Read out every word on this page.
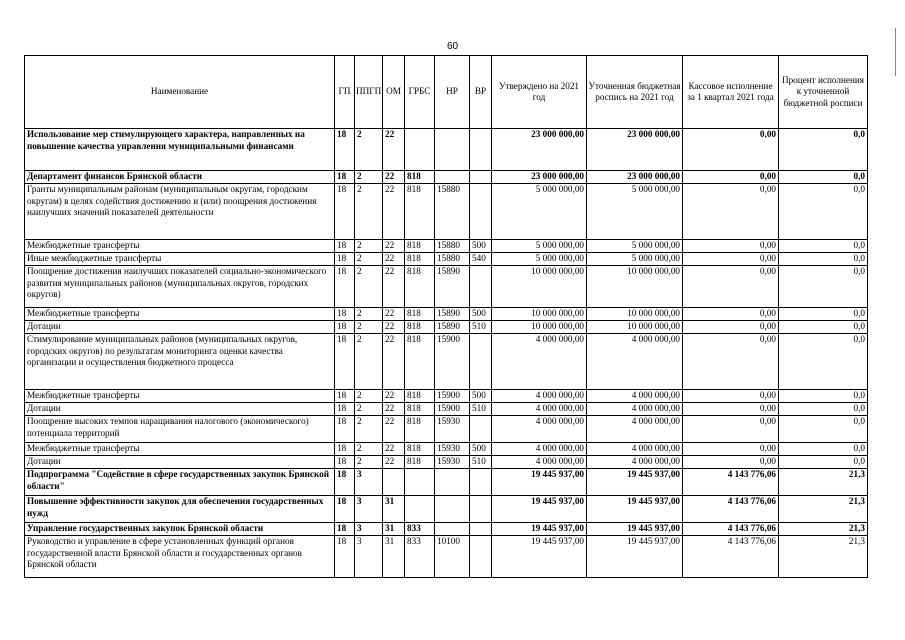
60
Наименование	ГП	ППГП	ОМ	ГРБС	НР	ВР	Утверждено на 2021 год	Уточненная бюджетная роспись на 2021 год	Кассовое исполнение за 1 квартал 2021 года	Процент исполнения к уточненной бюджетной росписи
Использование мер стимулирующего характера, направленных на повышение качества управления муниципальными финансами	18	2	22				23 000 000,00	23 000 000,00	0,00	0,0
Департамент финансов Брянской области	18	2	22	818			23 000 000,00	23 000 000,00	0,00	0,0
Гранты муниципальным районам (муниципальным округам, городским округам) в целях содействия достижению и (или) поощрения достижения наилучших значений показателей деятельности	18	2	22	818	15880		5 000 000,00	5 000 000,00	0,00	0,0
Межбюджетные трансферты	18	2	22	818	15880	500	5 000 000,00	5 000 000,00	0,00	0,0
Иные межбюджетные трансферты	18	2	22	818	15880	540	5 000 000,00	5 000 000,00	0,00	0,0
Поощрение достижения наилучших показателей социально-экономического развития муниципальных районов (муниципальных округов, городских округов)	18	2	22	818	15890		10 000 000,00	10 000 000,00	0,00	0,0
Межбюджетные трансферты	18	2	22	818	15890	500	10 000 000,00	10 000 000,00	0,00	0,0
Дотации	18	2	22	818	15890	510	10 000 000,00	10 000 000,00	0,00	0,0
Стимулирование муниципальных районов (муниципальных округов, городских округов) по результатам мониторинга оценки качества организации и осуществления бюджетного процесса	18	2	22	818	15900		4 000 000,00	4 000 000,00	0,00	0,0
Межбюджетные трансферты	18	2	22	818	15900	500	4 000 000,00	4 000 000,00	0,00	0,0
Дотации	18	2	22	818	15900	510	4 000 000,00	4 000 000,00	0,00	0,0
Поощрение высоких темпов наращивания налогового (экономического) потенциала территорий	18	2	22	818	15930		4 000 000,00	4 000 000,00	0,00	0,0
Межбюджетные трансферты	18	2	22	818	15930	500	4 000 000,00	4 000 000,00	0,00	0,0
Дотации	18	2	22	818	15930	510	4 000 000,00	4 000 000,00	0,00	0,0
Подпрограмма "Содействие в сфере государственных закупок Брянской области"	18	3					19 445 937,00	19 445 937,00	4 143 776,06	21,3
Повышение эффективности закупок для обеспечения государственных нужд	18	3	31				19 445 937,00	19 445 937,00	4 143 776,06	21,3
Управление государственных закупок Брянской области	18	3	31	833			19 445 937,00	19 445 937,00	4 143 776,06	21,3
Руководство и управление в сфере установленных функций органов государственной власти Брянской области и государственных органов Брянской области	18	3	31	833	10100		19 445 937,00	19 445 937,00	4 143 776,06	21,3
